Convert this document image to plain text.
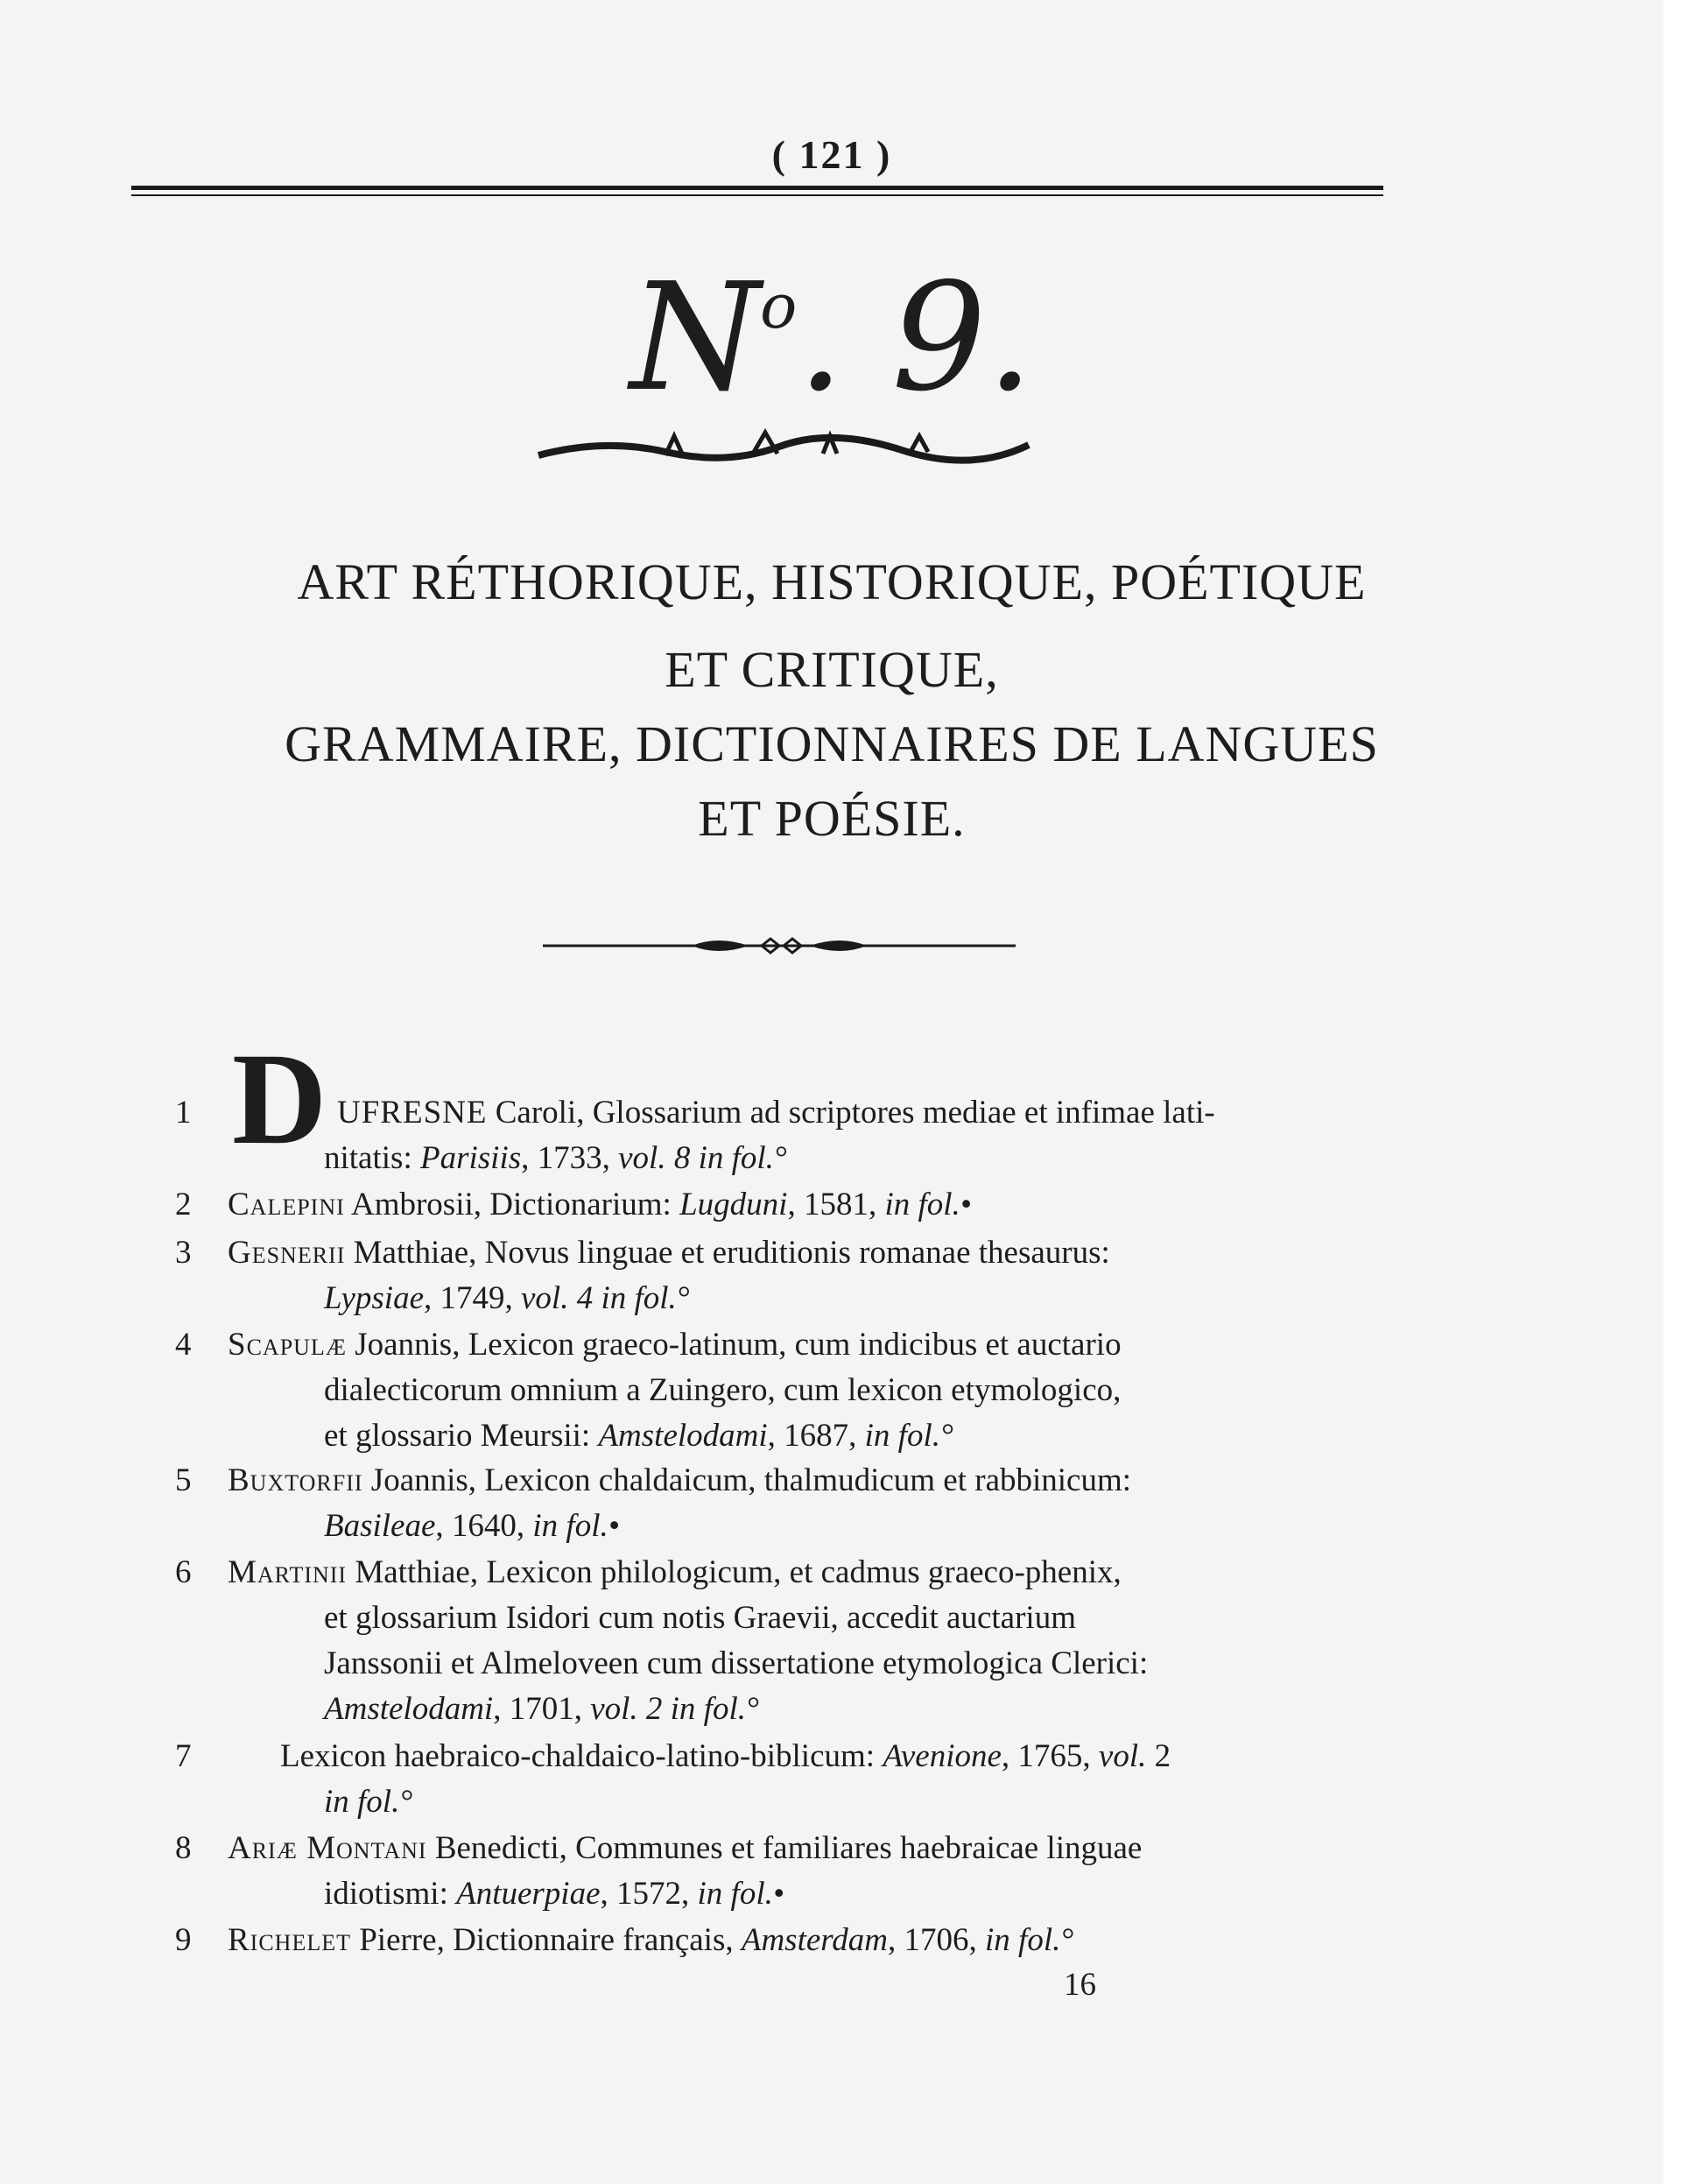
( 121 )
$N^o$. 9.
ART RÉTHORIQUE, HISTORIQUE, POÉTIQUE
ET CRITIQUE,
GRAMMAIRE, DICTIONNAIRES DE LANGUES
ET POÉSIE.
D
1	UFRESNE Caroli, Glossarium ad scriptores mediae et infimae lati-
nitatis: Parisiis, 1733, vol. 8 in fol.°
2	Calepini Ambrosii, Dictionarium: Lugduni, 1581, in fol.•
3	Gesnerii Matthiae, Novus linguae et eruditionis romanae thesaurus:
Lypsiae, 1749, vol. 4 in fol.°
4	Scapulæ Joannis, Lexicon graeco-latinum, cum indicibus et auctario
dialecticorum omnium a Zuingero, cum lexicon etymologico,
et glossario Meursii: Amstelodami, 1687, in fol.°
5	Buxtorfii Joannis, Lexicon chaldaicum, thalmudicum et rabbinicum:
Basileae, 1640, in fol.•
6	Martinii Matthiae, Lexicon philologicum, et cadmus graeco-phenix,
et glossarium Isidori cum notis Graevii, accedit auctarium
Janssonii et Almeloveen cum dissertatione etymologica Clerici:
Amstelodami, 1701, vol. 2 in fol.°
7	Lexicon haebraico-chaldaico-latino-biblicum: Avenione, 1765, vol. 2
in fol.°
8	Ariæ Montani Benedicti, Communes et familiares haebraicae linguae
idiotismi: Antuerpiae, 1572, in fol.•
9	Richelet Pierre, Dictionnaire français, Amsterdam, 1706, in fol.°
16
